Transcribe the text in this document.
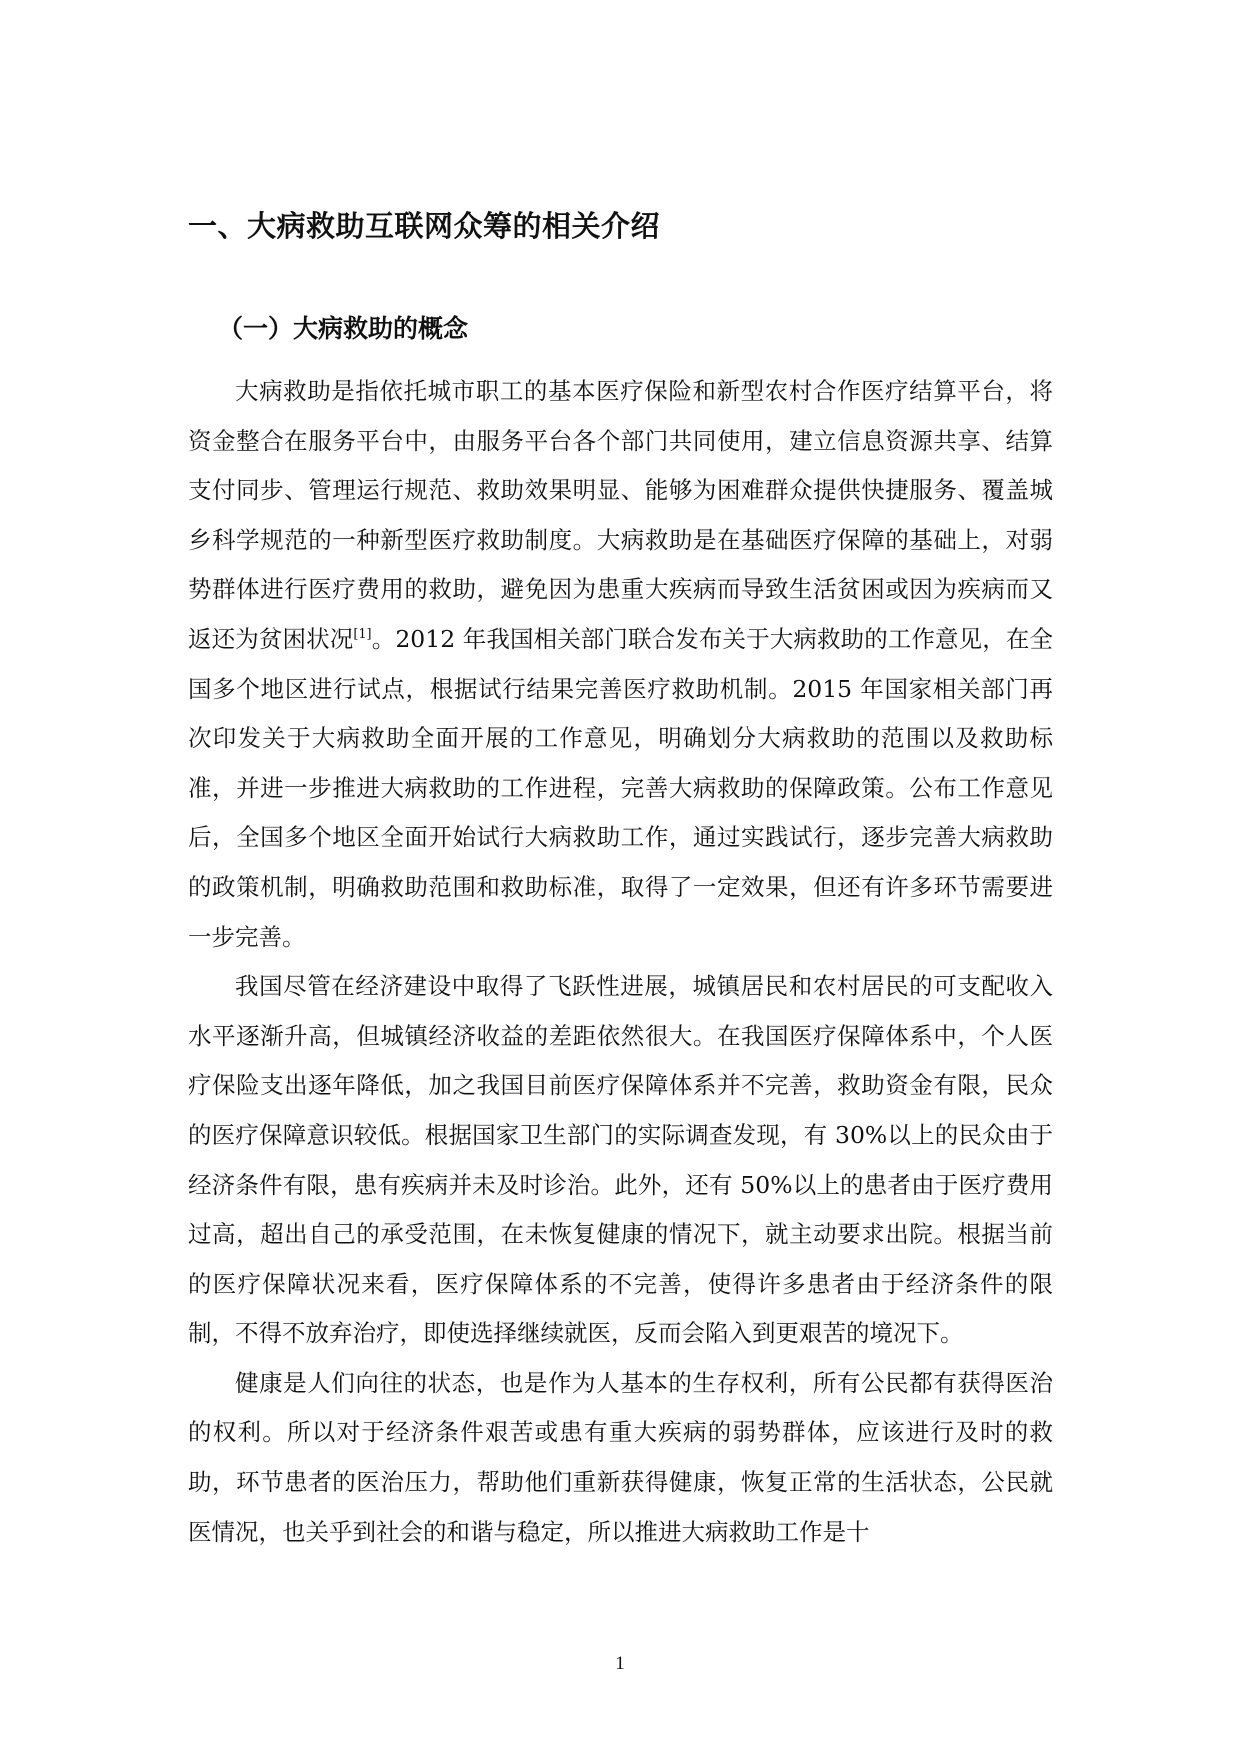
一、大病救助互联网众筹的相关介绍
（一）大病救助的概念

大病救助是指依托城市职工的基本医疗保险和新型农村合作医疗结算平台，将资金整合在服务平台中，由服务平台各个部门共同使用，建立信息资源共享、结算支付同步、管理运行规范、救助效果明显、能够为困难群众提供快捷服务、覆盖城乡科学规范的一种新型医疗救助制度。大病救助是在基础医疗保障的基础上，对弱势群体进行医疗费用的救助，避免因为患重大疾病而导致生活贫困或因为疾病而又返还为贫困状况[1]。2012 年我国相关部门联合发布关于大病救助的工作意见，在全国多个地区进行试点，根据试行结果完善医疗救助机制。2015 年国家相关部门再次印发关于大病救助全面开展的工作意见，明确划分大病救助的范围以及救助标准，并进一步推进大病救助的工作进程，完善大病救助的保障政策。公布工作意见后，全国多个地区全面开始试行大病救助工作，通过实践试行，逐步完善大病救助的政策机制，明确救助范围和救助标准，取得了一定效果，但还有许多环节需要进一步完善。

我国尽管在经济建设中取得了飞跃性进展，城镇居民和农村居民的可支配收入水平逐渐升高，但城镇经济收益的差距依然很大。在我国医疗保障体系中，个人医疗保险支出逐年降低，加之我国目前医疗保障体系并不完善，救助资金有限，民众的医疗保障意识较低。根据国家卫生部门的实际调查发现，有 30%以上的民众由于经济条件有限，患有疾病并未及时诊治。此外，还有 50%以上的患者由于医疗费用过高，超出自己的承受范围，在未恢复健康的情况下，就主动要求出院。根据当前的医疗保障状况来看，医疗保障体系的不完善，使得许多患者由于经济条件的限制，不得不放弃治疗，即使选择继续就医，反而会陷入到更艰苦的境况下。

健康是人们向往的状态，也是作为人基本的生存权利，所有公民都有获得医治的权利。所以对于经济条件艰苦或患有重大疾病的弱势群体，应该进行及时的救助，环节患者的医治压力，帮助他们重新获得健康，恢复正常的生活状态，公民就医情况，也关乎到社会的和谐与稳定，所以推进大病救助工作是十

1
